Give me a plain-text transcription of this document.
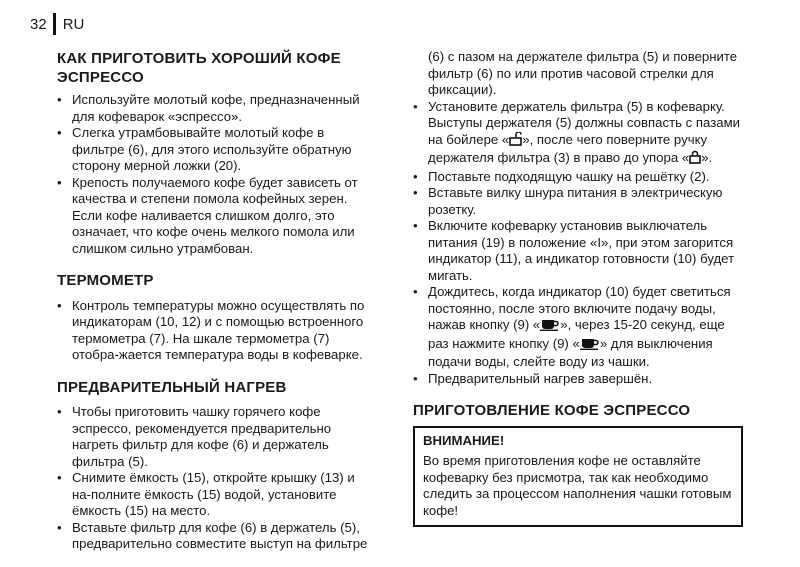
32 RU
КАК ПРИГОТОВИТЬ ХОРОШИЙ КОФЕ
ЭСПРЕССО
• Используйте молотый кофе, предназначенный для кофеварок «эспрессо».
• Слегка утрамбовывайте молотый кофе в фильтре (6), для этого используйте обратную сторону мерной ложки (20).
• Крепость получаемого кофе будет зависеть от качества и степени помола кофейных зерен. Если кофе наливается слишком долго, это означает, что кофе очень мелкого помола или слишком сильно утрамбован.
ТЕРМОМЕТР
• Контроль температуры можно осуществлять по индикаторам (10, 12) и с помощью встроенного термометра (7). На шкале термометра (7) отобра-жается температура воды в кофеварке.
ПРЕДВАРИТЕЛЬНЫЙ НАГРЕВ
• Чтобы приготовить чашку горячего кофе эспрессо, рекомендуется предварительно нагреть фильтр для кофе (6) и держатель фильтра (5).
• Снимите ёмкость (15), откройте крышку (13) и на-полните ёмкость (15) водой, установите ёмкость (15) на место.
• Вставьте фильтр для кофе (6) в держатель (5), предварительно совместите выступ на фильтре
(6) с пазом на держателе фильтра (5) и поверните фильтр (6) по или против часовой стрелки для фиксации).
• Установите держатель фильтра (5) в кофеварку. Выступы держателя (5) должны совпасть с пазами на бойлере « », после чего поверните ручку держателя фильтра (3) в право до упора « ».
• Поставьте подходящую чашку на решётку (2).
• Вставьте вилку шнура питания в электрическую розетку.
• Включите кофеварку установив выключатель питания (19) в положение «I», при этом загорится индикатор (11), а индикатор готовности (10) будет мигать.
• Дождитесь, когда индикатор (10) будет светиться постоянно, после этого включите подачу воды, нажав кнопку (9) « », через 15-20 секунд, еще раз нажмите кнопку (9) « » для выключения подачи воды, слейте воду из чашки.
• Предварительный нагрев завершён.
ПРИГОТОВЛЕНИЕ КОФЕ ЭСПРЕССО
ВНИМАНИЕ!

Во время приготовления кофе не оставляйте кофеварку без присмотра, так как необходимо следить за процессом наполнения чашки готовым кофе!
